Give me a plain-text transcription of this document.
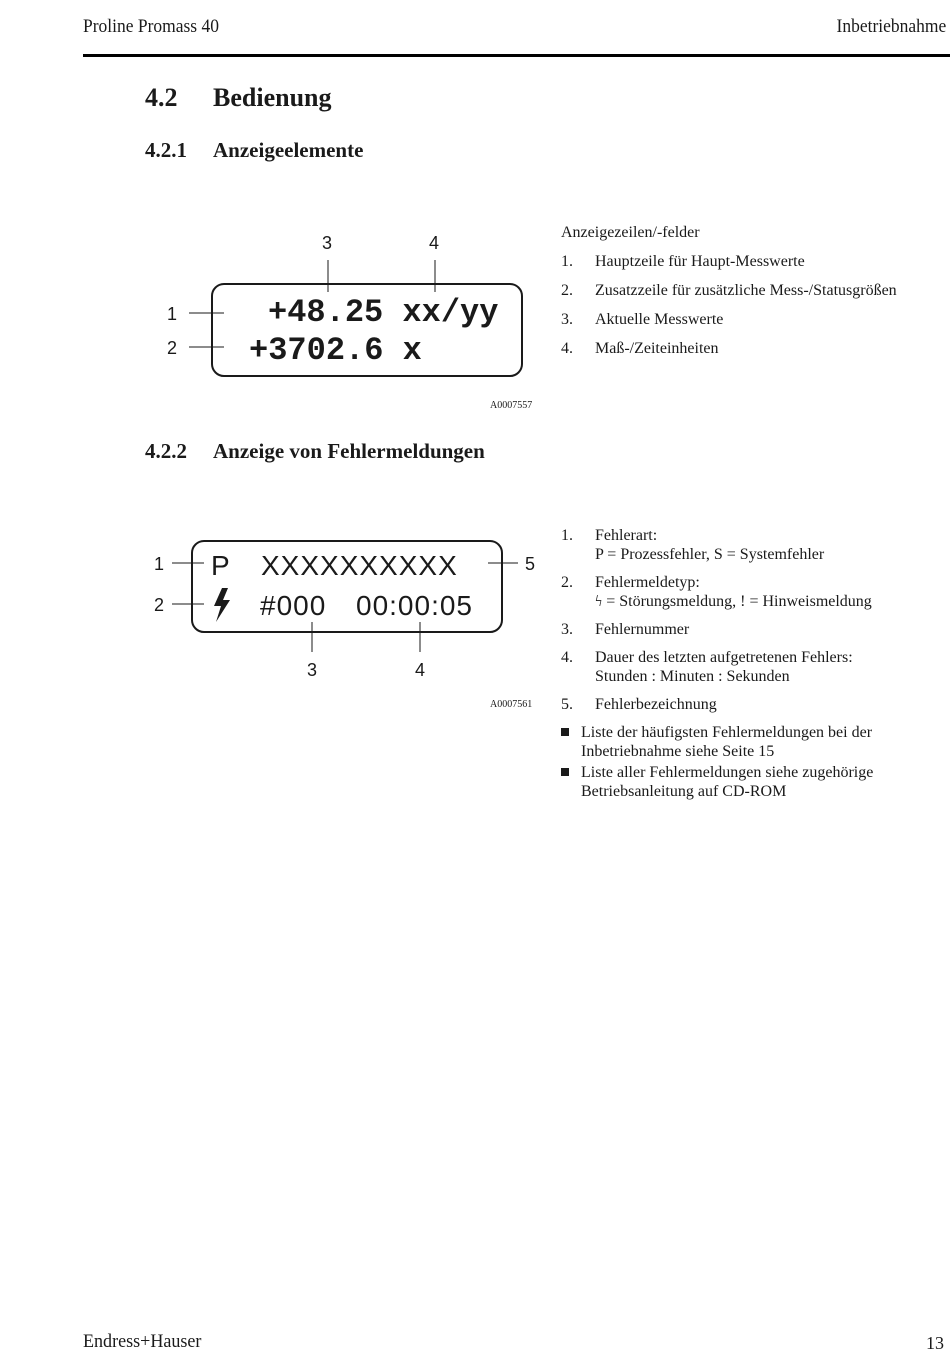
Proline Promass 40	Inbetriebnahme
4.2 Bedienung
4.2.1 Anzeigeelemente
+48.25 xx/yy
+3702.6 x
1
2
3	4
A0007557
Anzeigezeilen/-felder
1.	Hauptzeile für Haupt-Messwerte
2.	Zusatzzeile für zusätzliche Mess-/Statusgrößen
3.	Aktuelle Messwerte
4.	Maß-/Zeiteinheiten
4.2.2 Anzeige von Fehlermeldungen
P XXXXXXXXXX
#000 00:00:05
1
2
3	4
5
A0007561
1.	Fehlerart:
P = Prozessfehler, S = Systemfehler
2.	Fehlermeldetyp:
ϟ = Störungsmeldung, ! = Hinweismeldung
3.	Fehlernummer
4.	Dauer des letzten aufgetretenen Fehlers:
Stunden : Minuten : Sekunden
5.	Fehlerbezeichnung
Liste der häufigsten Fehlermeldungen bei der
Inbetriebnahme siehe Seite 15
Liste aller Fehlermeldungen siehe zugehörige
Betriebsanleitung auf CD-ROM
Endress+Hauser	13
